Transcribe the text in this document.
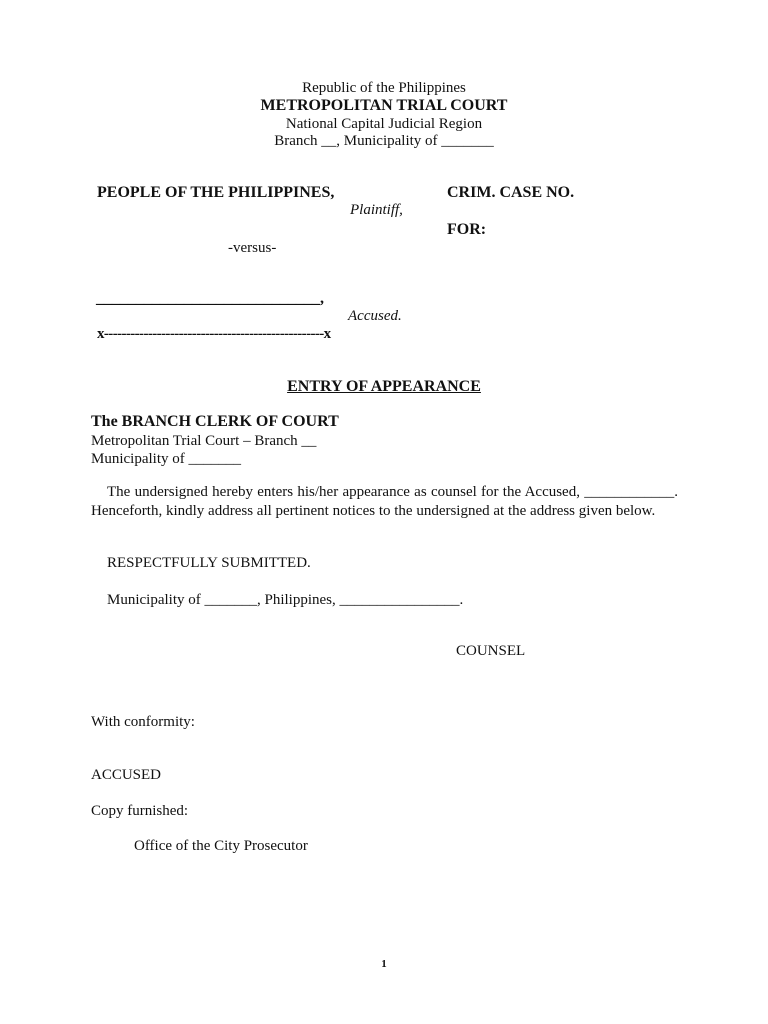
Republic of the Philippines
METROPOLITAN TRIAL COURT
National Capital Judicial Region
Branch __, Municipality of _______
PEOPLE OF THE PHILIPPINES,
Plaintiff,
-versus-
____________________________,
Accused.
x--------------------------------------------------x
CRIM. CASE NO.
FOR:
ENTRY OF APPEARANCE
The BRANCH CLERK OF COURT
Metropolitan Trial Court – Branch __
Municipality of _______
The undersigned hereby enters his/her appearance as counsel for the Accused, ____________. Henceforth, kindly address all pertinent notices to the undersigned at the address given below.
RESPECTFULLY SUBMITTED.
Municipality of _______, Philippines, ________________.
COUNSEL
With conformity:
ACCUSED
Copy furnished:
Office of the City Prosecutor
1
